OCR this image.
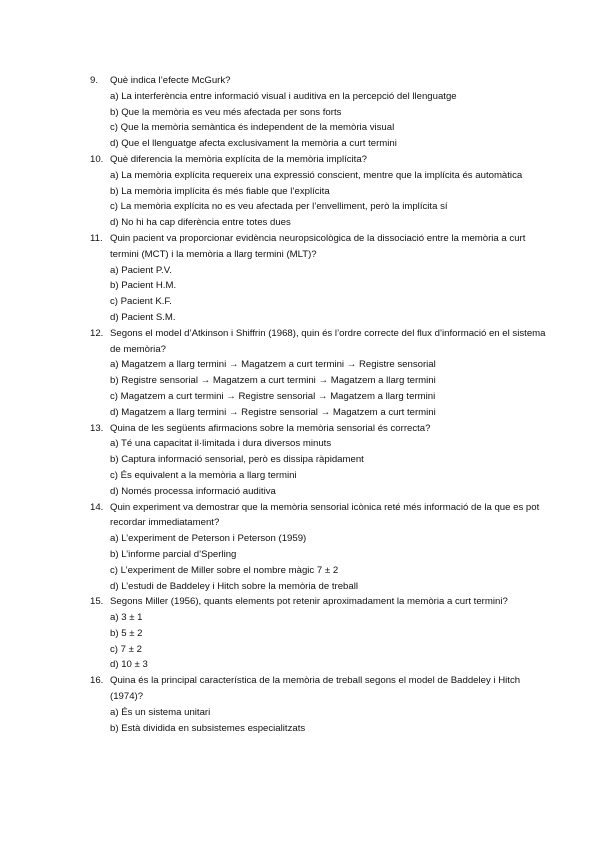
9.	Què indica l’efecte McGurk?
a) La interferència entre informació visual i auditiva en la percepció del llenguatge
b) Que la memòria es veu més afectada per sons forts
c) Que la memòria semàntica és independent de la memòria visual
d) Que el llenguatge afecta exclusivament la memòria a curt termini
10. Què diferencia la memòria explícita de la memòria implícita?
a) La memòria explícita requereix una expressió conscient, mentre que la implícita és automàtica
b) La memòria implícita és més fiable que l’explícita
c) La memòria explícita no es veu afectada per l’envelliment, però la implícita sí
d) No hi ha cap diferència entre totes dues
11. Quin pacient va proporcionar evidència neuropsicològica de la dissociació entre la memòria a curt termini (MCT) i la memòria a llarg termini (MLT)?
a) Pacient P.V.
b) Pacient H.M.
c) Pacient K.F.
d) Pacient S.M.
12. Segons el model d’Atkinson i Shiffrin (1968), quin és l’ordre correcte del flux d’informació en el sistema de memòria?
a) Magatzem a llarg termini → Magatzem a curt termini → Registre sensorial
b) Registre sensorial → Magatzem a curt termini → Magatzem a llarg termini
c) Magatzem a curt termini → Registre sensorial → Magatzem a llarg termini
d) Magatzem a llarg termini → Registre sensorial → Magatzem a curt termini
13. Quina de les següents afirmacions sobre la memòria sensorial és correcta?
a) Té una capacitat il·limitada i dura diversos minuts
b) Captura informació sensorial, però es dissipa ràpidament
c) És equivalent a la memòria a llarg termini
d) Només processa informació auditiva
14. Quin experiment va demostrar que la memòria sensorial icònica reté més informació de la que es pot recordar immediatament?
a) L’experiment de Peterson i Peterson (1959)
b) L’informe parcial d’Sperling
c) L’experiment de Miller sobre el nombre màgic 7 ± 2
d) L’estudi de Baddeley i Hitch sobre la memòria de treball
15. Segons Miller (1956), quants elements pot retenir aproximadament la memòria a curt termini?
a) 3 ± 1
b) 5 ± 2
c) 7 ± 2
d) 10 ± 3
16. Quina és la principal característica de la memòria de treball segons el model de Baddeley i Hitch (1974)?
a) És un sistema unitari
b) Està dividida en subsistemes especialitzats
